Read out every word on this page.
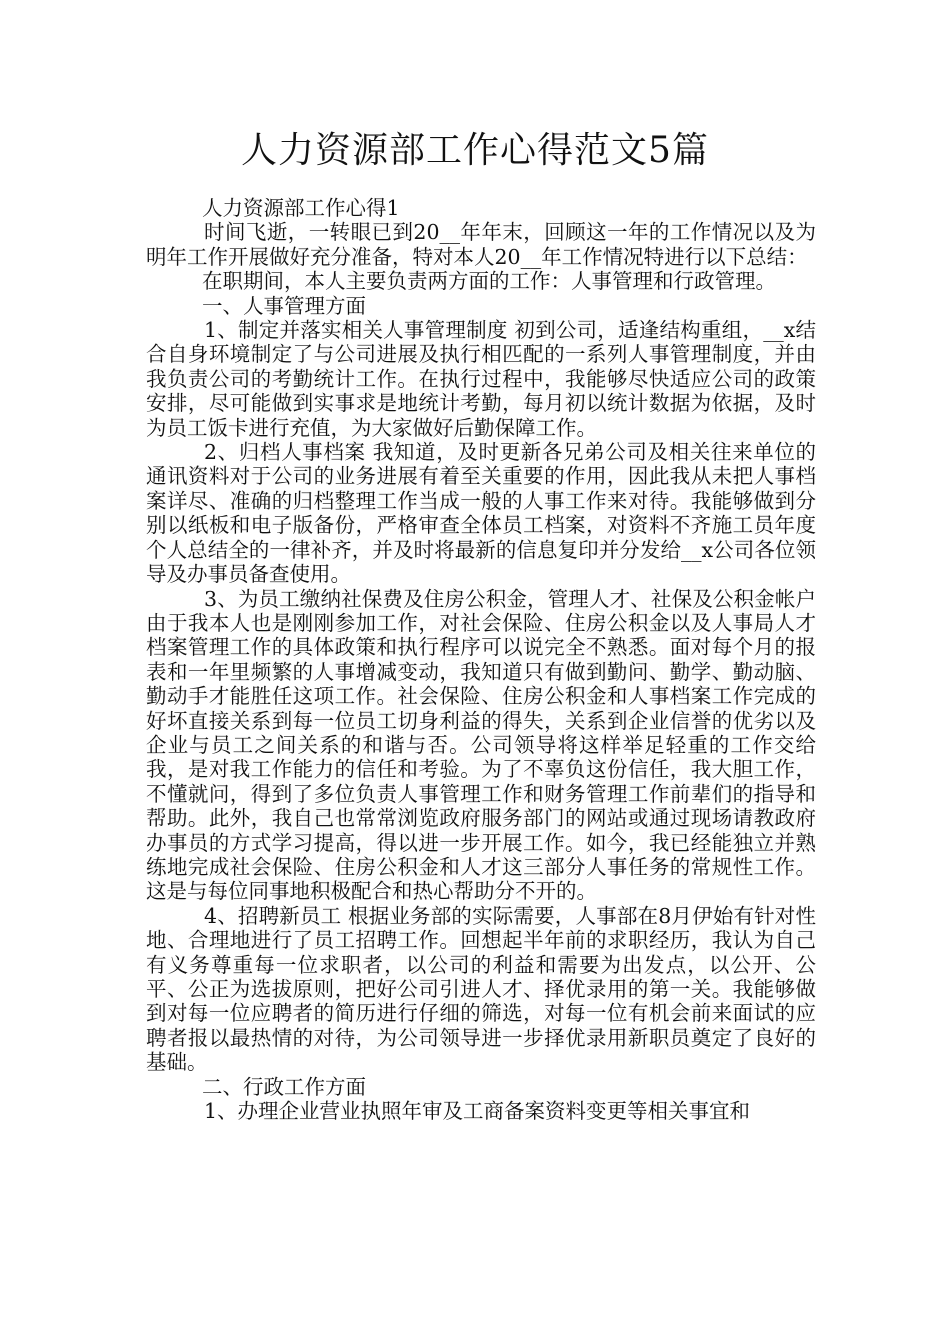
人力资源部工作心得范文5篇

人力资源部工作心得1

时间飞逝，一转眼已到20__年年末，回顾这一年的工作情况以及为明年工作开展做好充分准备，特对本人20__年工作情况特进行以下总结：

在职期间，本人主要负责两方面的工作：人事管理和行政管理。

一、人事管理方面

1、制定并落实相关人事管理制度 初到公司，适逢结构重组，__x结合自身环境制定了与公司进展及执行相匹配的一系列人事管理制度，并由我负责公司的考勤统计工作。在执行过程中，我能够尽快适应公司的政策安排，尽可能做到实事求是地统计考勤，每月初以统计数据为依据，及时为员工饭卡进行充值，为大家做好后勤保障工作。

2、归档人事档案 我知道，及时更新各兄弟公司及相关往来单位的通讯资料对于公司的业务进展有着至关重要的作用，因此我从未把人事档案详尽、准确的归档整理工作当成一般的人事工作来对待。我能够做到分别以纸板和电子版备份，严格审查全体员工档案，对资料不齐施工员年度个人总结全的一律补齐，并及时将最新的信息复印并分发给__x公司各位领导及办事员备查使用。

3、为员工缴纳社保费及住房公积金，管理人才、社保及公积金帐户 由于我本人也是刚刚参加工作，对社会保险、住房公积金以及人事局人才档案管理工作的具体政策和执行程序可以说完全不熟悉。面对每个月的报表和一年里频繁的人事增减变动，我知道只有做到勤问、勤学、勤动脑、勤动手才能胜任这项工作。社会保险、住房公积金和人事档案工作完成的好坏直接关系到每一位员工切身利益的得失，关系到企业信誉的优劣以及企业与员工之间关系的和谐与否。公司领导将这样举足轻重的工作交给我，是对我工作能力的信任和考验。为了不辜负这份信任，我大胆工作，不懂就问，得到了多位负责人事管理工作和财务管理工作前辈们的指导和帮助。此外，我自己也常常浏览政府服务部门的网站或通过现场请教政府办事员的方式学习提高，得以进一步开展工作。如今，我已经能独立并熟练地完成社会保险、住房公积金和人才这三部分人事任务的常规性工作。这是与每位同事地积极配合和热心帮助分不开的。

4、招聘新员工 根据业务部的实际需要，人事部在8月伊始有针对性地、合理地进行了员工招聘工作。回想起半年前的求职经历，我认为自己有义务尊重每一位求职者，以公司的利益和需要为出发点，以公开、公平、公正为选拔原则，把好公司引进人才、择优录用的第一关。我能够做到对每一位应聘者的简历进行仔细的筛选，对每一位有机会前来面试的应聘者报以最热情的对待，为公司领导进一步择优录用新职员奠定了良好的基础。

二、行政工作方面

1、办理企业营业执照年审及工商备案资料变更等相关事宜和
